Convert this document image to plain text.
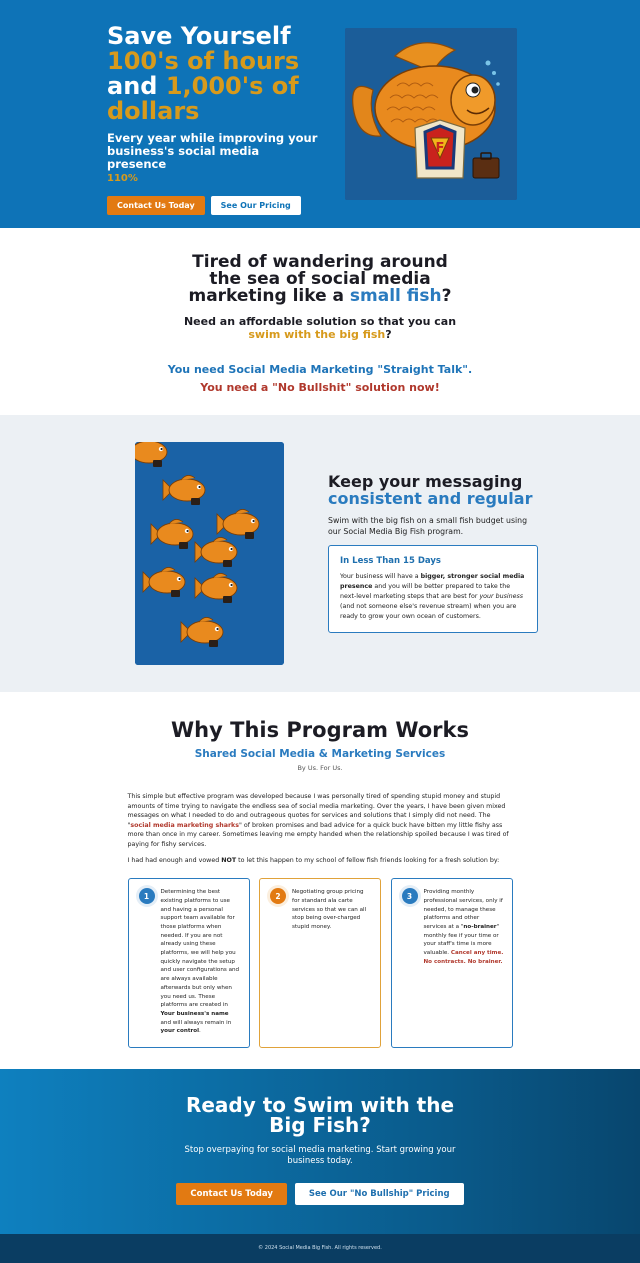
Save Yourself
100's of hours
and 1,000's of
dollars
Every year while improving your business's social media presence
110%
Contact Us Today	See Our Pricing
F
Tired of wandering around the sea of social media marketing like a small fish?
Need an affordable solution so that you can swim with the big fish?
You need Social Media Marketing "Straight Talk".
You need a "No Bullshit" solution now!
Keep your messaging
consistent and regular

Swim with the big fish on a small fish budget using our Social Media Big Fish program.

In Less Than 15 Days
Your business will have a bigger, stronger social media presence and you will be better prepared to take the next-level marketing steps that are best for your business (and not someone else's revenue stream) when you are ready to grow your own ocean of customers.
Why This Program Works
Shared Social Media & Marketing Services
By Us. For Us.

This simple but effective program was developed because I was personally tired of spending stupid money and stupid amounts of time trying to navigate the endless sea of social media marketing. Over the years, I have been given mixed messages on what I needed to do and outrageous quotes for services and solutions that I simply did not need. The "social media marketing sharks" of broken promises and bad advice for a quick buck have bitten my little fishy ass more than once in my career. Sometimes leaving me empty handed when the relationship spoiled because I was tired of paying for fishy services.

I had had enough and vowed NOT to let this happen to my school of fellow fish friends looking for a fresh solution by:

1	Determining the best existing platforms to use and having a personal support team available for those platforms when needed. If you are not already using these platforms, we will help you quickly navigate the setup and user configurations and are always available afterwards but only when you need us. These platforms are created in Your business's name and will always remain in your control.
2	Negotiating group pricing for standard ala carte services so that we can all stop being over-charged stupid money.
3	Providing monthly professional services, only if needed, to manage these platforms and other services at a "no-brainer" monthly fee if your time or your staff's time is more valuable. Cancel any time. No contracts. No brainer.
Ready to Swim with the Big Fish?

Stop overpaying for social media marketing. Start growing your business today.

Contact Us Today	See Our "No Bullship" Pricing
© 2024 Social Media Big Fish. All rights reserved.
